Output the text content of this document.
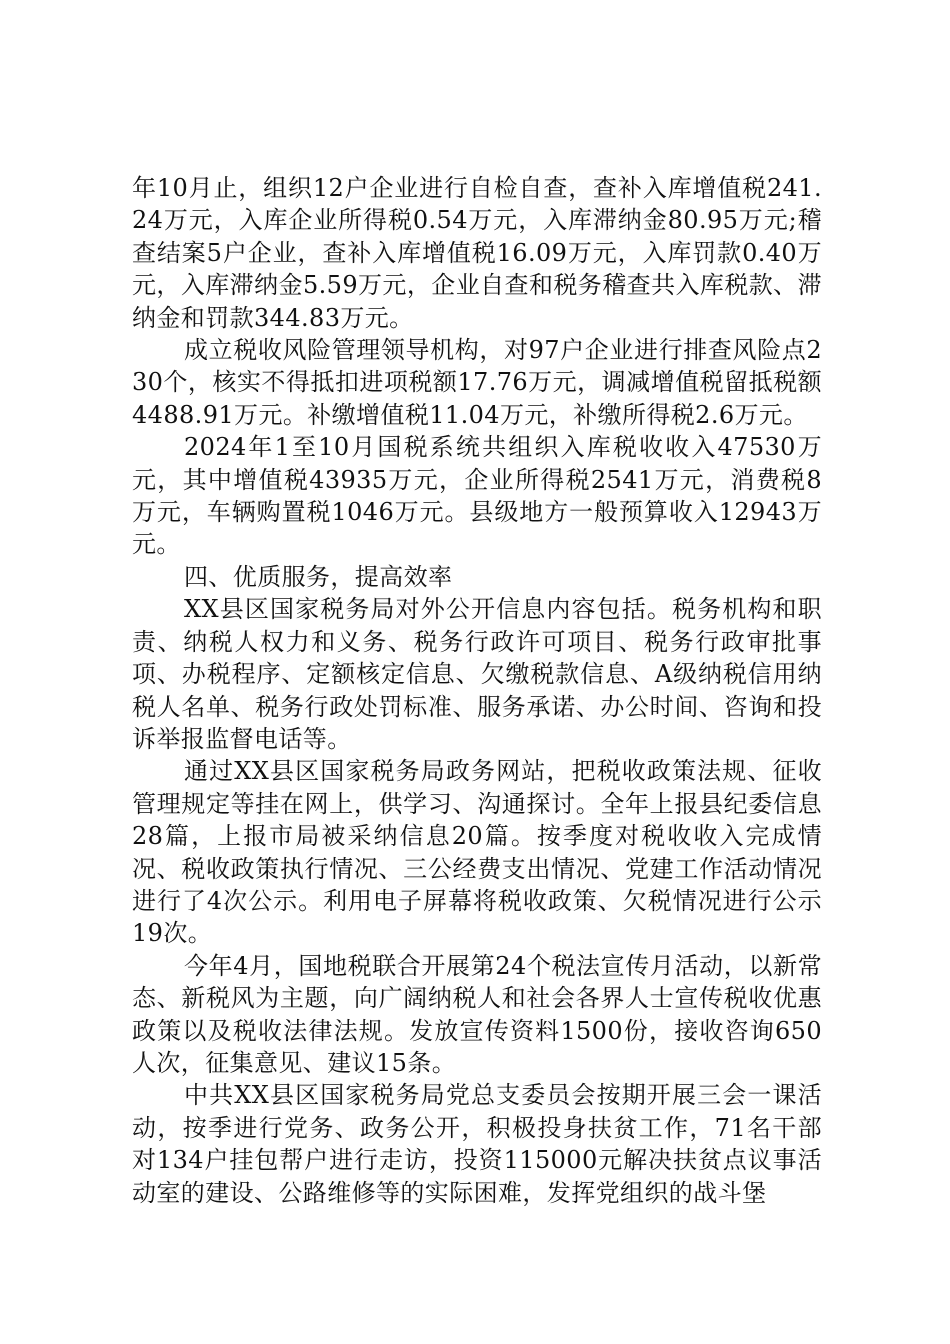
年10月止，组织12户企业进行自检自查，查补入库增值税241.24万元，入库企业所得税0.54万元，入库滞纳金80.95万元;稽查结案5户企业，查补入库增值税16.09万元，入库罚款0.40万元，入库滞纳金5.59万元，企业自查和税务稽查共入库税款、滞纳金和罚款344.83万元。

成立税收风险管理领导机构，对97户企业进行排查风险点230个，核实不得抵扣进项税额17.76万元，调减增值税留抵税额4488.91万元。补缴增值税11.04万元，补缴所得税2.6万元。

2024年1至10月国税系统共组织入库税收收入47530万元，其中增值税43935万元，企业所得税2541万元，消费税8万元，车辆购置税1046万元。县级地方一般预算收入12943万元。

四、优质服务，提高效率

XX县区国家税务局对外公开信息内容包括。税务机构和职责、纳税人权力和义务、税务行政许可项目、税务行政审批事项、办税程序、定额核定信息、欠缴税款信息、A级纳税信用纳税人名单、税务行政处罚标准、服务承诺、办公时间、咨询和投诉举报监督电话等。

通过XX县区国家税务局政务网站，把税收政策法规、征收管理规定等挂在网上，供学习、沟通探讨。全年上报县纪委信息28篇，上报市局被采纳信息20篇。按季度对税收收入完成情况、税收政策执行情况、三公经费支出情况、党建工作活动情况进行了4次公示。利用电子屏幕将税收政策、欠税情况进行公示19次。

今年4月，国地税联合开展第24个税法宣传月活动，以新常态、新税风为主题，向广阔纳税人和社会各界人士宣传税收优惠政策以及税收法律法规。发放宣传资料1500份，接收咨询650人次，征集意见、建议15条。

中共XX县区国家税务局党总支委员会按期开展三会一课活动，按季进行党务、政务公开，积极投身扶贫工作，71名干部对134户挂包帮户进行走访，投资115000元解决扶贫点议事活动室的建设、公路维修等的实际困难，发挥党组织的战斗堡
